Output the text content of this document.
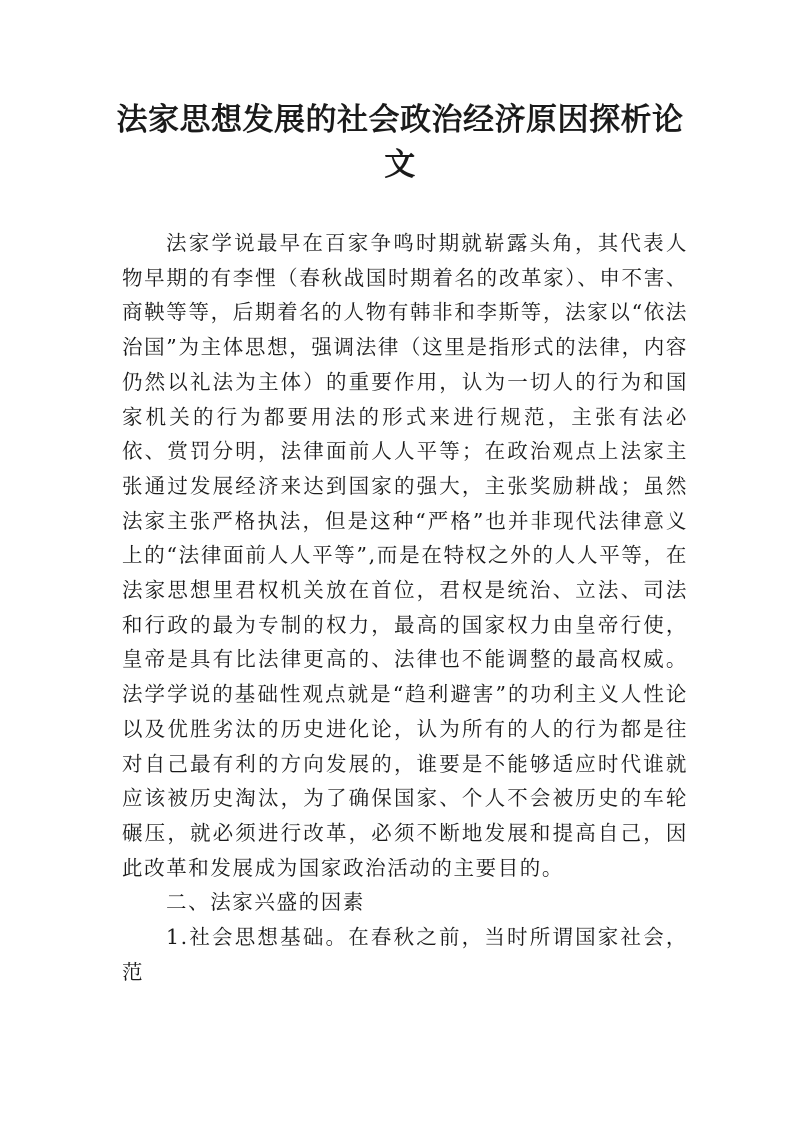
法家思想发展的社会政治经济原因探析论文

法家学说最早在百家争鸣时期就崭露头角，其代表人物早期的有李悝（春秋战国时期着名的改革家）、申不害、商鞅等等，后期着名的人物有韩非和李斯等，法家以“依法治国”为主体思想，强调法律（这里是指形式的法律，内容仍然以礼法为主体）的重要作用，认为一切人的行为和国家机关的行为都要用法的形式来进行规范，主张有法必依、赏罚分明，法律面前人人平等；在政治观点上法家主张通过发展经济来达到国家的强大，主张奖励耕战；虽然法家主张严格执法，但是这种“严格”也并非现代法律意义上的“法律面前人人平等”,而是在特权之外的人人平等，在法家思想里君权机关放在首位，君权是统治、立法、司法和行政的最为专制的权力，最高的国家权力由皇帝行使，皇帝是具有比法律更高的、法律也不能调整的最高权威。法学学说的基础性观点就是“趋利避害”的功利主义人性论以及优胜劣汰的历史进化论，认为所有的人的行为都是往对自己最有利的方向发展的，谁要是不能够适应时代谁就应该被历史淘汰，为了确保国家、个人不会被历史的车轮碾压，就必须进行改革，必须不断地发展和提高自己，因此改革和发展成为国家政治活动的主要目的。

二、法家兴盛的因素

1.社会思想基础。在春秋之前，当时所谓国家社会，范
